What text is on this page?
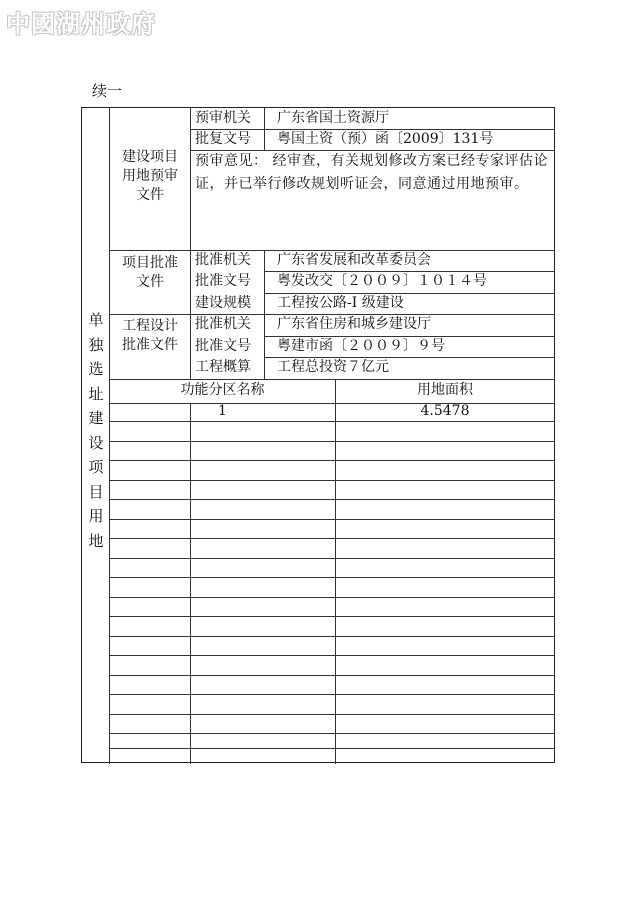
中國湖州政府
续一
单
独
选
址
建
设
项
目
用
地
建设项目
用地预审
文件
预审机关 广东省国土资源厅
批复文号 粤国土资（预）函〔2009〕131号
预审意见： 经审查，有关规划修改方案已经专家评估论证，并已举行修改规划听证会，同意通过用地预审。
项目批准
文件
批准机关 广东省发展和改革委员会
批准文号 粤发改交〔２００９〕１０１４号
建设规模 工程按公路-I 级建设
工程设计
批准文件
批准机关 广东省住房和城乡建设厅
批准文号 粤建市函〔２００９〕９号
工程概算 工程总投资７亿元
功能分区名称	用地面积
1	4.5478
